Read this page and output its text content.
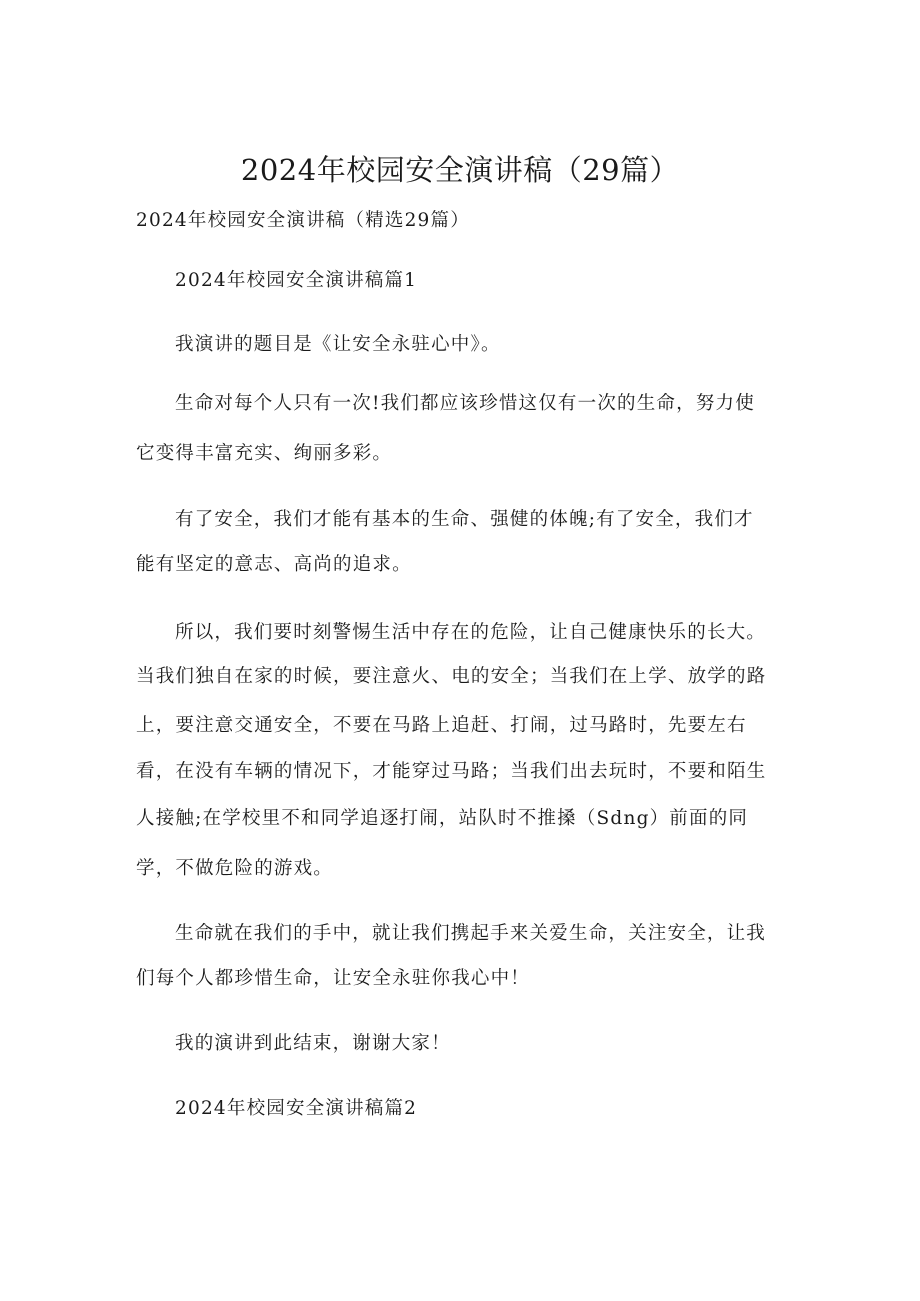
2024年校园安全演讲稿（29篇）
2024年校园安全演讲稿（精选29篇）
2024年校园安全演讲稿篇1
我演讲的题目是《让安全永驻心中》。
生命对每个人只有一次!我们都应该珍惜这仅有一次的生命，努力使
它变得丰富充实、绚丽多彩。
有了安全，我们才能有基本的生命、强健的体魄;有了安全，我们才
能有坚定的意志、高尚的追求。
所以，我们要时刻警惕生活中存在的危险，让自己健康快乐的长大。
当我们独自在家的时候，要注意火、电的安全；当我们在上学、放学的路
上，要注意交通安全，不要在马路上追赶、打闹，过马路时，先要左右
看，在没有车辆的情况下，才能穿过马路；当我们出去玩时，不要和陌生
人接触;在学校里不和同学追逐打闹，站队时不推搡（Sdng）前面的同
学，不做危险的游戏。
生命就在我们的手中，就让我们携起手来关爱生命，关注安全，让我
们每个人都珍惜生命，让安全永驻你我心中！
我的演讲到此结束，谢谢大家！
2024年校园安全演讲稿篇2
